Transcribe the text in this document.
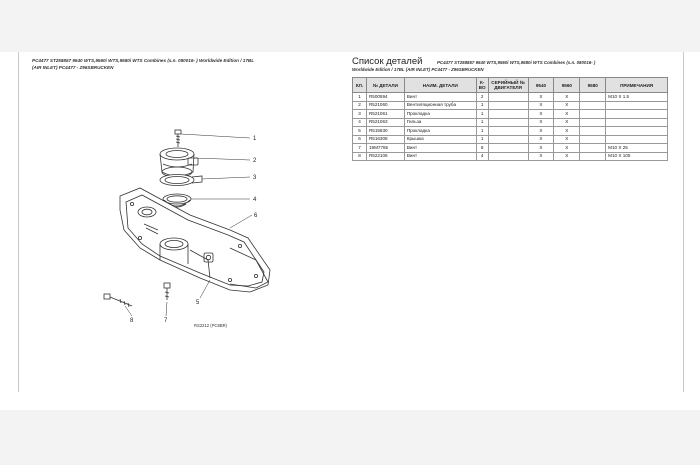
PC4477 ST258857 9540 WTS,9560i WTS,9580i WTS Combines (s.n. 080016- ) Worldwide Edition / 17BL
(AIR INLET) PC4477 - Z96SBRUCKEN	Список деталей	PC4477 ST258857 9540 WTS,9560i WTS,9580i WTS Combines (s.n. 080016- )
Worldwide Edition / 17BL (AIR INLET) PC4477 - Z96SBRUCKEN
1
2
3
4
5
6
7
8
RS2212 (PC8BR)
КЛ.	№ ДЕТАЛИ	НАИМ. ДЕТАЛИ	К-ВО	СЕРИЙНЫЙ № ДВИГАТЕЛЯ	9540	9560	9580	ПРИМЕЧАНИЯ
1	R500594	Винт	2		X	X		M10 X 1.5
2	R521060	Вентиляционная труба	1		X	X		
3	R521061	Прокладка	1		X	X		
4	R521063	Гильза	1		X	X		
5	R515830	Прокладка	1		X	X		
6	R516308	Крышка	1		X	X		
7	19M7785	Винт	8		X	X		M10 X 25
8	R522106	Винт	4		X	X		M10 X 105
